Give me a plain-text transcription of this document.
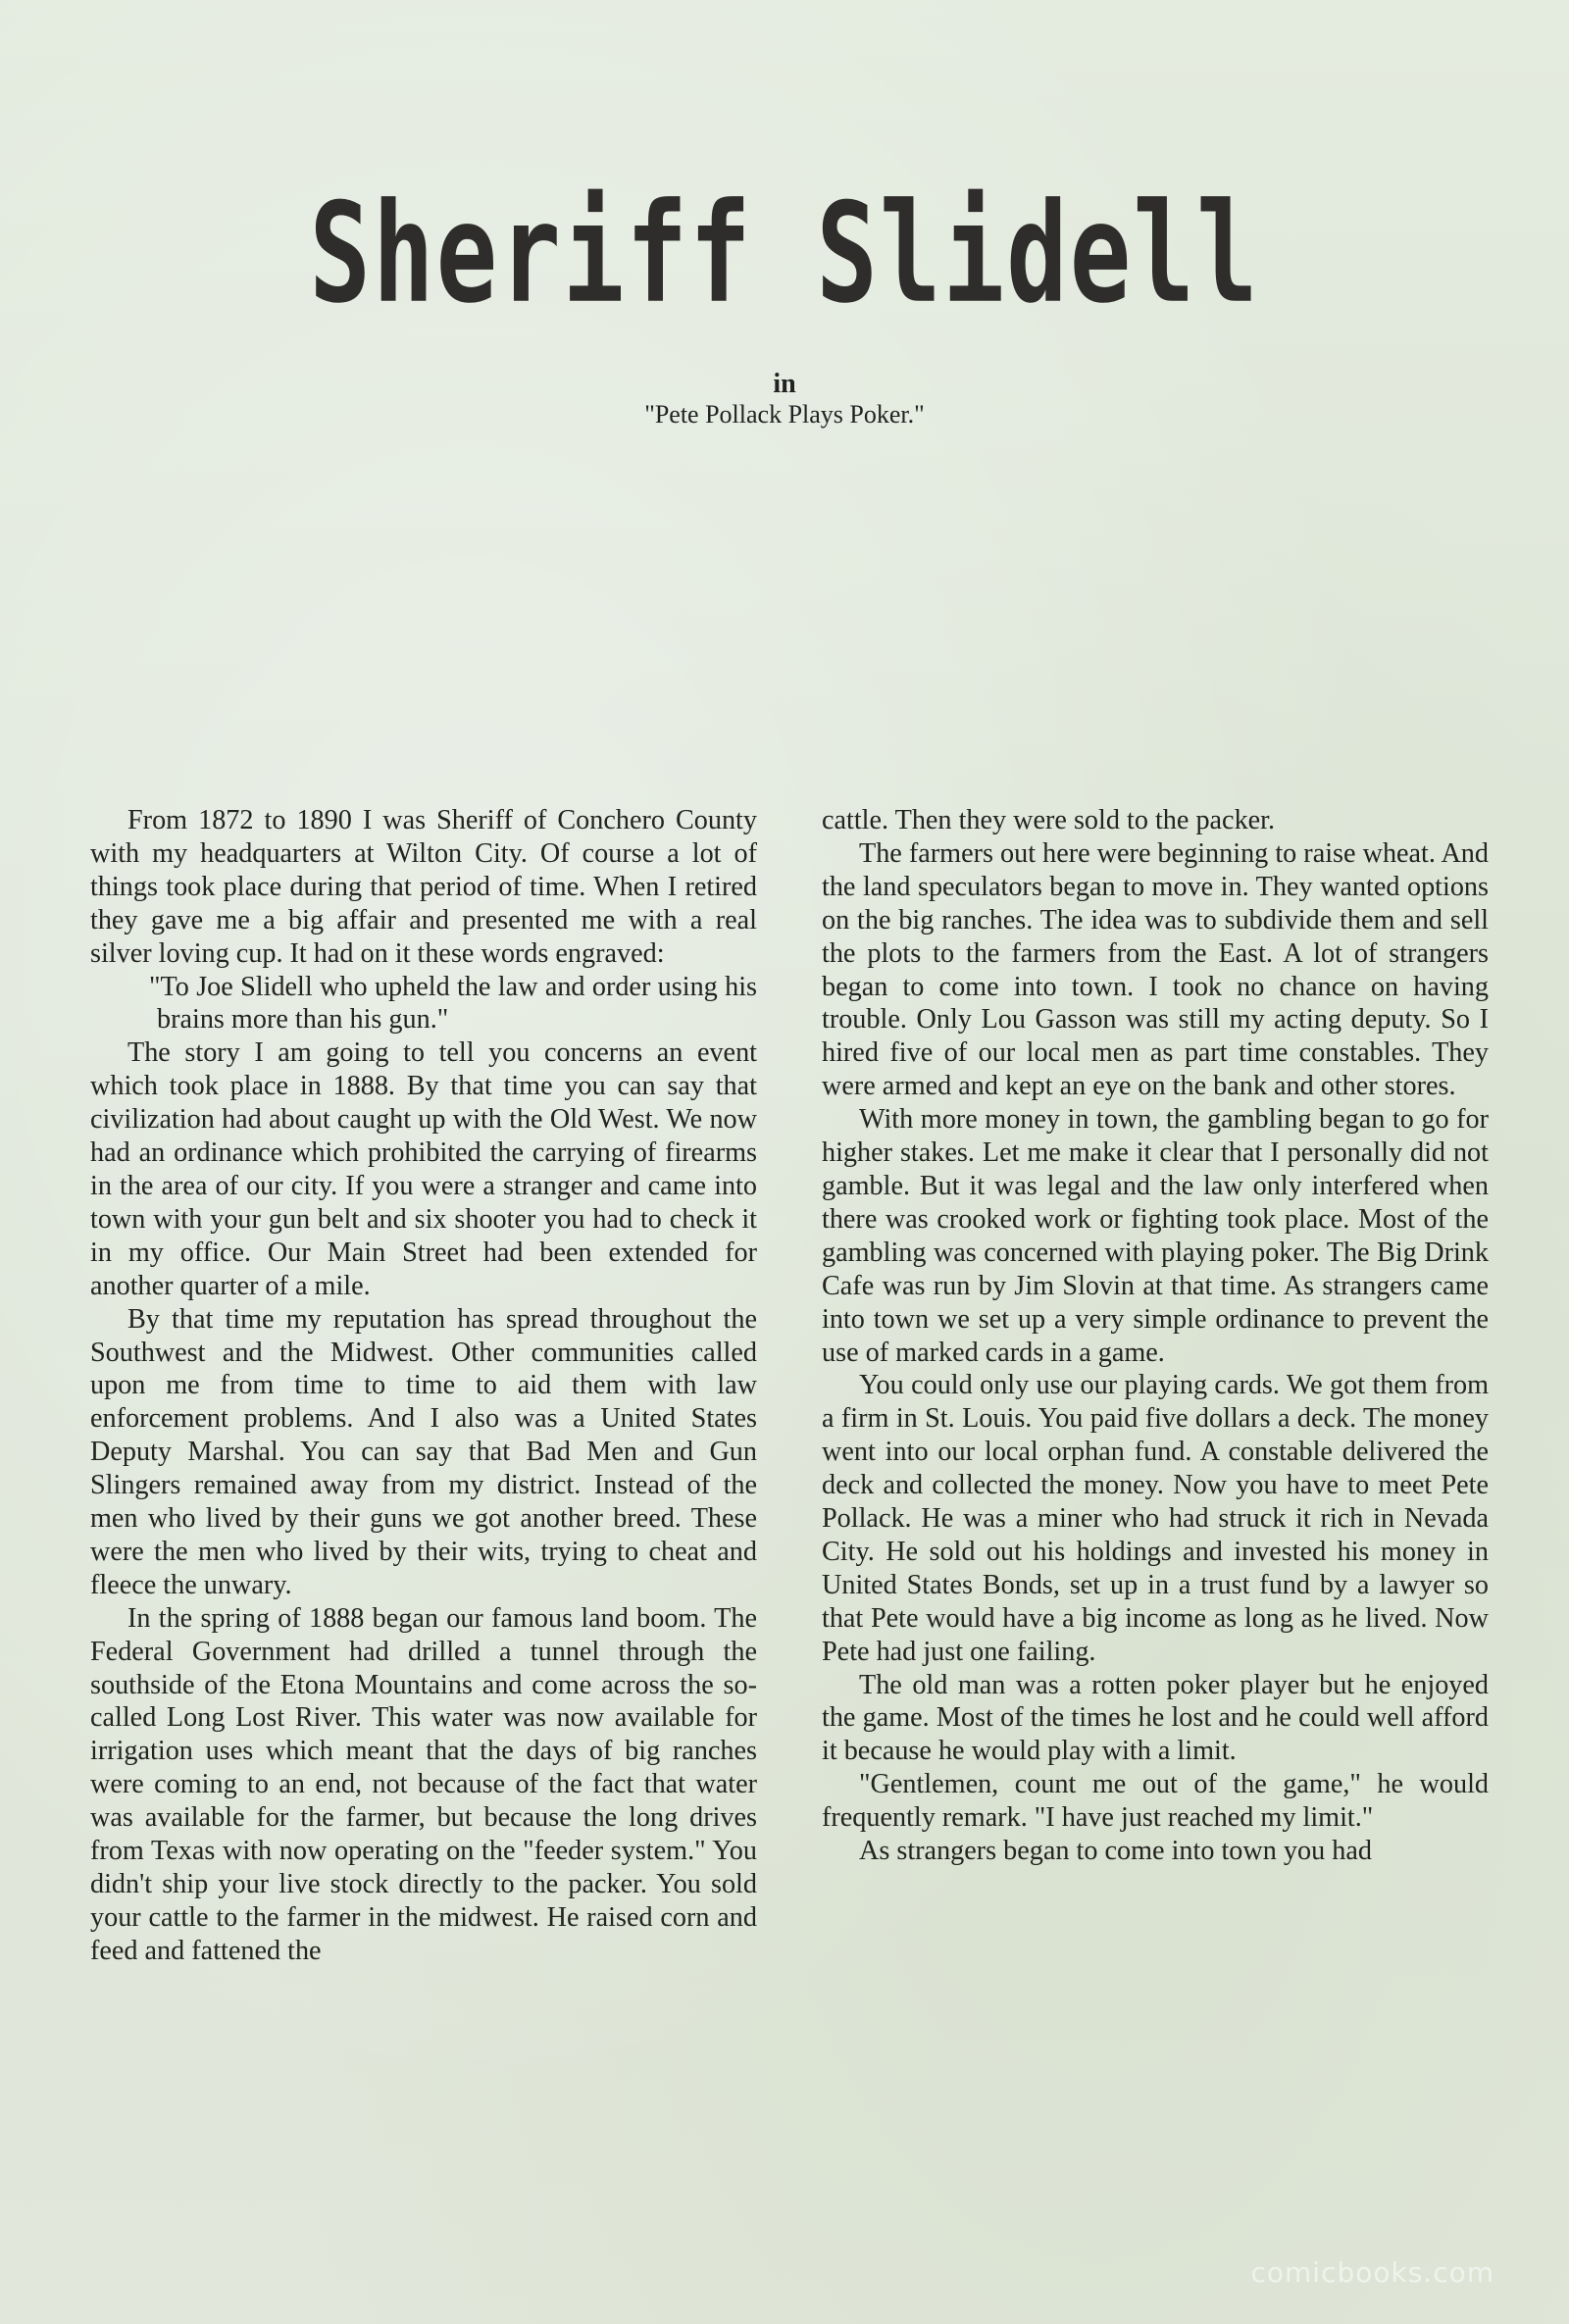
Sheriff Slidell
in
"Pete Pollack Plays Poker."

From 1872 to 1890 I was Sheriff of Conchero County with my headquarters at Wilton City. Of course a lot of things took place during that period of time. When I retired they gave me a big affair and presented me with a real silver loving cup. It had on it these words engraved:

"To Joe Slidell who upheld the law and order using his brains more than his gun."

The story I am going to tell you concerns an event which took place in 1888. By that time you can say that civilization had about caught up with the Old West. We now had an ordinance which prohibited the carrying of firearms in the area of our city. If you were a stranger and came into town with your gun belt and six shooter you had to check it in my office. Our Main Street had been extended for another quarter of a mile.

By that time my reputation has spread throughout the Southwest and the Midwest. Other communities called upon me from time to time to aid them with law enforcement problems. And I also was a United States Deputy Marshal. You can say that Bad Men and Gun Slingers remained away from my district. Instead of the men who lived by their guns we got another breed. These were the men who lived by their wits, trying to cheat and fleece the unwary.

In the spring of 1888 began our famous land boom. The Federal Government had drilled a tunnel through the southside of the Etona Mountains and come across the so-called Long Lost River. This water was now available for irrigation uses which meant that the days of big ranches were coming to an end, not because of the fact that water was available for the farmer, but because the long drives from Texas with now operating on the "feeder system." You didn't ship your live stock directly to the packer. You sold your cattle to the farmer in the midwest. He raised corn and feed and fattened the

cattle. Then they were sold to the packer.

The farmers out here were beginning to raise wheat. And the land speculators began to move in. They wanted options on the big ranches. The idea was to subdivide them and sell the plots to the farmers from the East. A lot of strangers began to come into town. I took no chance on having trouble. Only Lou Gasson was still my acting deputy. So I hired five of our local men as part time constables. They were armed and kept an eye on the bank and other stores.

With more money in town, the gambling began to go for higher stakes. Let me make it clear that I personally did not gamble. But it was legal and the law only interfered when there was crooked work or fighting took place. Most of the gambling was concerned with playing poker. The Big Drink Cafe was run by Jim Slovin at that time. As strangers came into town we set up a very simple ordinance to prevent the use of marked cards in a game.

You could only use our playing cards. We got them from a firm in St. Louis. You paid five dollars a deck. The money went into our local orphan fund. A constable delivered the deck and collected the money. Now you have to meet Pete Pollack. He was a miner who had struck it rich in Nevada City. He sold out his holdings and invested his money in United States Bonds, set up in a trust fund by a lawyer so that Pete would have a big income as long as he lived. Now Pete had just one failing.

The old man was a rotten poker player but he enjoyed the game. Most of the times he lost and he could well afford it because he would play with a limit.

"Gentlemen, count me out of the game," he would frequently remark. "I have just reached my limit."

As strangers began to come into town you had

comicbooks.com
